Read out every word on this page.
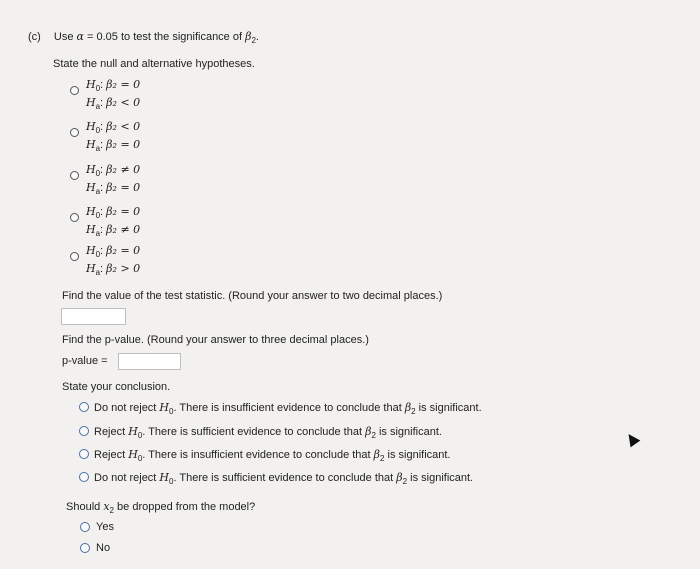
(c) Use α = 0.05 to test the significance of $\beta_2$.
State the null and alternative hypotheses.
$H_0$: β₂ = 0
$H_a$: β₂ < 0
$H_0$: β₂ < 0
$H_a$: β₂ = 0
$H_0$: β₂ ≠ 0
$H_a$: β₂ = 0
$H_0$: β₂ = 0
$H_a$: β₂ ≠ 0
$H_0$: β₂ = 0
$H_a$: β₂ > 0
Find the value of the test statistic. (Round your answer to two decimal places.)
Find the p-value. (Round your answer to three decimal places.)
p-value =
State your conclusion.
Do not reject $H_0$. There is insufficient evidence to conclude that $\beta_2$ is significant.
Reject $H_0$. There is sufficient evidence to conclude that $\beta_2$ is significant.
Reject $H_0$. There is insufficient evidence to conclude that $\beta_2$ is significant.
Do not reject $H_0$. There is sufficient evidence to conclude that $\beta_2$ is significant.
Should $x_2$ be dropped from the model?
Yes
No
